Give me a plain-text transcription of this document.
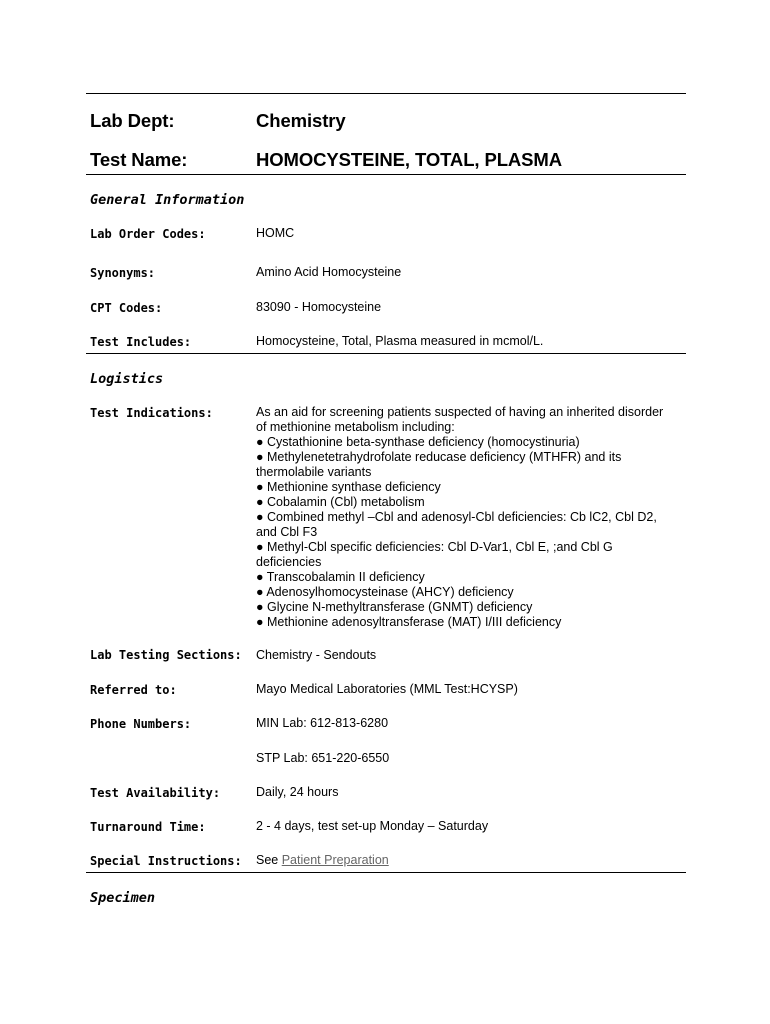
Lab Dept:	Chemistry
Test Name:	HOMOCYSTEINE, TOTAL, PLASMA
General Information
Lab Order Codes:	HOMC
Synonyms:	Amino Acid Homocysteine
CPT Codes:	83090 - Homocysteine
Test Includes:	Homocysteine, Total, Plasma measured in mcmol/L.
Logistics
Test Indications:	As an aid for screening patients suspected of having an inherited disorder
of methionine metabolism including:
● Cystathionine beta-synthase deficiency (homocystinuria)
● Methylenetetrahydrofolate reducase deficiency (MTHFR) and its
thermolabile variants
● Methionine synthase deficiency
● Cobalamin (Cbl) metabolism
● Combined methyl –Cbl and adenosyl-Cbl deficiencies: Cb lC2, Cbl D2,
and Cbl F3
● Methyl-Cbl specific deficiencies: Cbl D-Var1, Cbl E, ;and Cbl G
deficiencies
● Transcobalamin II deficiency
● Adenosylhomocysteinase (AHCY) deficiency
● Glycine N-methyltransferase (GNMT) deficiency
● Methionine adenosyltransferase (MAT) I/III deficiency
Lab Testing Sections: Chemistry - Sendouts
Referred to:	Mayo Medical Laboratories (MML Test:HCYSP)
Phone Numbers:	MIN Lab: 612-813-6280
STP Lab: 651-220-6550
Test Availability:	Daily, 24 hours
Turnaround Time:	2 - 4 days, test set-up Monday – Saturday
Special Instructions: See Patient Preparation
Specimen
